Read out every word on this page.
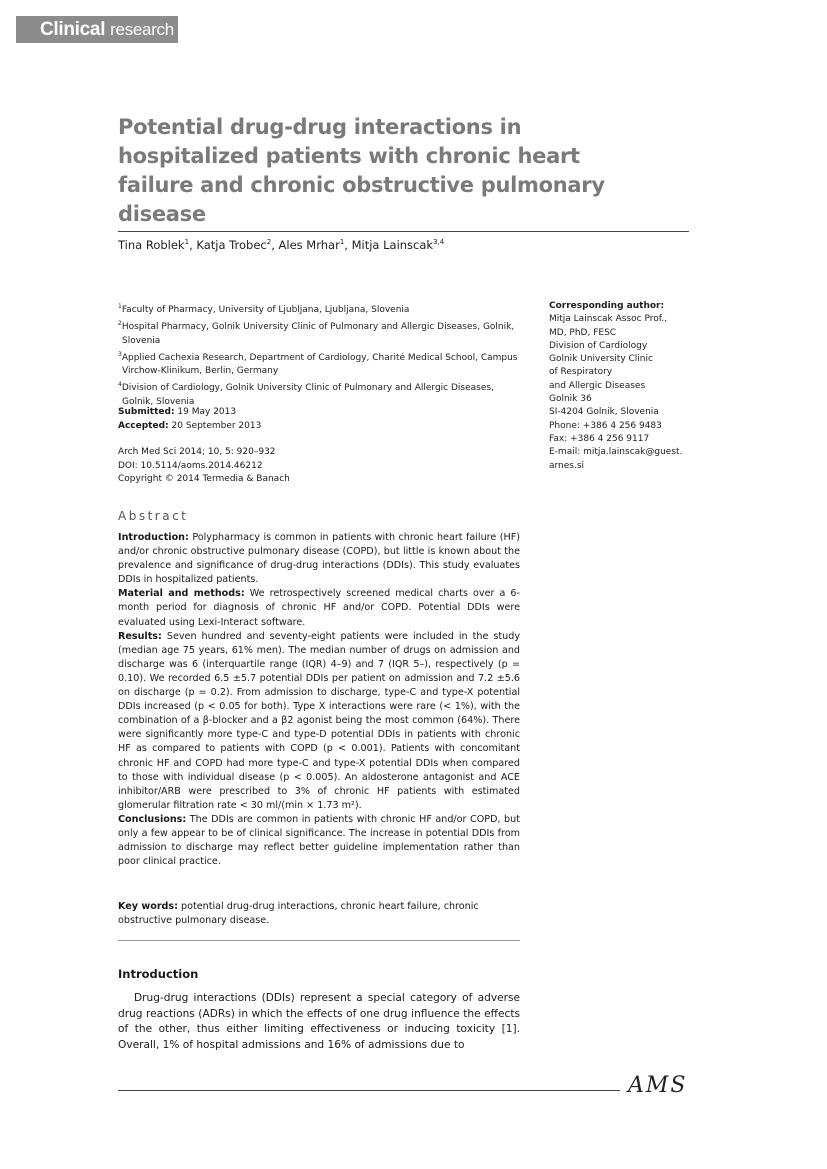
Clinical research
Potential drug-drug interactions in hospitalized patients with chronic heart failure and chronic obstructive pulmonary disease
Tina Roblek$^1$, Katja Trobec$^2$, Ales Mrhar$^1$, Mitja Lainscak$^{3,4}$
$^1$Faculty of Pharmacy, University of Ljubljana, Ljubljana, Slovenia
$^2$Hospital Pharmacy, Golnik University Clinic of Pulmonary and Allergic Diseases, Golnik, Slovenia
$^3$Applied Cachexia Research, Department of Cardiology, Charité Medical School, Campus Virchow-Klinikum, Berlin, Germany
$^4$Division of Cardiology, Golnik University Clinic of Pulmonary and Allergic Diseases, Golnik, Slovenia
Submitted: 19 May 2013
Accepted: 20 September 2013
Arch Med Sci 2014; 10, 5: 920–932
DOI: 10.5114/aoms.2014.46212
Copyright © 2014 Termedia & Banach
Corresponding author:
Mitja Lainscak Assoc Prof.,
MD, PhD, FESC
Division of Cardiology
Golnik University Clinic
of Respiratory
and Allergic Diseases
Golnik 36
SI-4204 Golnik, Slovenia
Phone: +386 4 256 9483
Fax: +386 4 256 9117
E-mail: mitja.lainscak@guest.
arnes.si
Abstract

Introduction: Polypharmacy is common in patients with chronic heart failure (HF) and/or chronic obstructive pulmonary disease (COPD), but little is known about the prevalence and significance of drug-drug interactions (DDIs). This study evaluates DDIs in hospitalized patients.

Material and methods: We retrospectively screened medical charts over a 6-month period for diagnosis of chronic HF and/or COPD. Potential DDIs were evaluated using Lexi-Interact software.

Results: Seven hundred and seventy-eight patients were included in the study (median age 75 years, 61% men). The median number of drugs on admission and discharge was 6 (interquartile range (IQR) 4–9) and 7 (IQR 5–), respectively (p = 0.10). We recorded 6.5 ±5.7 potential DDIs per patient on admission and 7.2 ±5.6 on discharge (p = 0.2). From admission to discharge, type-C and type-X potential DDIs increased (p < 0.05 for both). Type X interactions were rare (< 1%), with the combination of a β-blocker and a β2 agonist being the most common (64%). There were significantly more type-C and type-D potential DDIs in patients with chronic HF as compared to patients with COPD (p < 0.001). Patients with concomitant chronic HF and COPD had more type-C and type-X potential DDIs when compared to those with individual disease (p < 0.005). An aldosterone antagonist and ACE inhibitor/ARB were prescribed to 3% of chronic HF patients with estimated glomerular filtration rate < 30 ml/(min × 1.73 m²).

Conclusions: The DDIs are common in patients with chronic HF and/or COPD, but only a few appear to be of clinical significance. The increase in potential DDIs from admission to discharge may reflect better guideline implementation rather than poor clinical practice.

Key words: potential drug-drug interactions, chronic heart failure, chronic obstructive pulmonary disease.
Introduction
Drug-drug interactions (DDIs) represent a special category of adverse drug reactions (ADRs) in which the effects of one drug influence the effects of the other, thus either limiting effectiveness or inducing toxicity [1]. Overall, 1% of hospital admissions and 16% of admissions due to
AMS
